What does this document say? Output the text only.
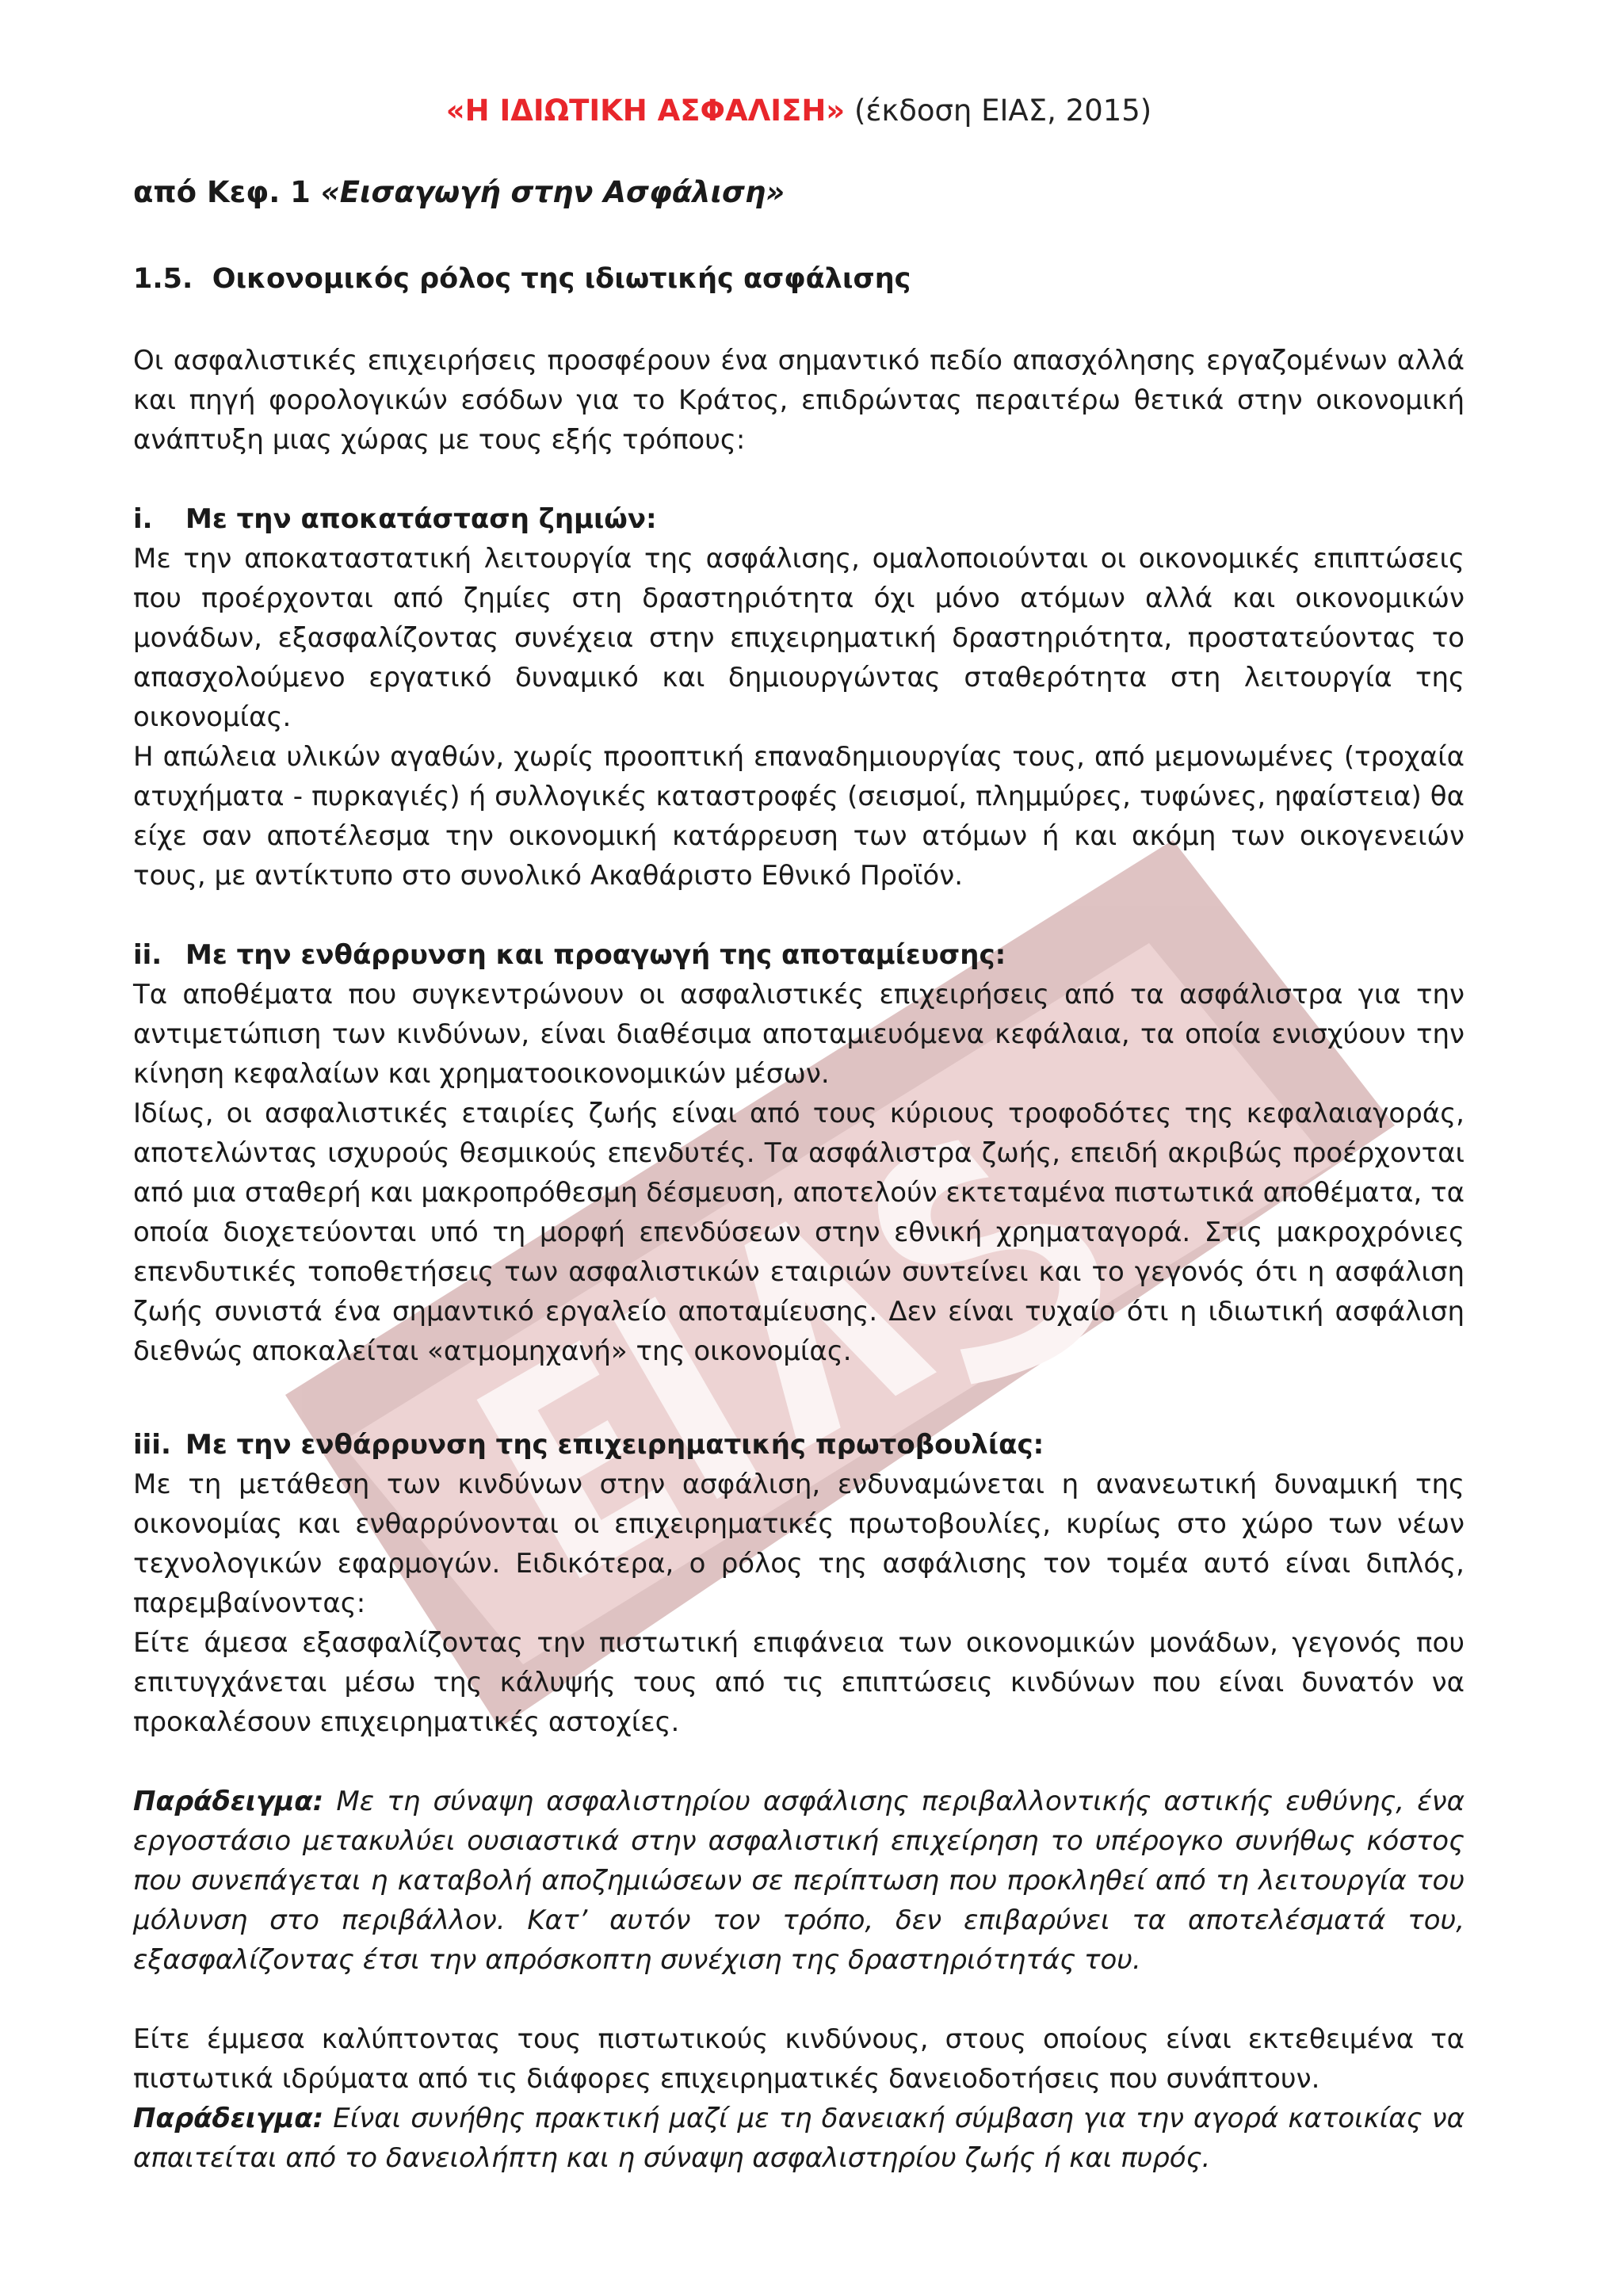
«Η ΙΔΙΩΤΙΚΗ ΑΣΦΑΛΙΣΗ» (έκδοση ΕΙΑΣ, 2015)
από Κεφ. 1 «Εισαγωγή στην Ασφάλιση»
1.5. Οικονομικός ρόλος της ιδιωτικής ασφάλισης

Οι ασφαλιστικές επιχειρήσεις προσφέρουν ένα σημαντικό πεδίο απασχόλησης εργαζομένων αλλά και πηγή φορολογικών εσόδων για το Κράτος, επιδρώντας περαιτέρω θετικά στην οικονομική ανάπτυξη μιας χώρας με τους εξής τρόπους:

i. Με την αποκατάσταση ζημιών:

Με την αποκαταστατική λειτουργία της ασφάλισης, ομαλοποιούνται οι οικονομικές επιπτώσεις που προέρχονται από ζημίες στη δραστηριότητα όχι μόνο ατόμων αλλά και οικονομικών μονάδων, εξασφαλίζοντας συνέχεια στην επιχειρηματική δραστηριότητα, προστατεύοντας το απασχολούμενο εργατικό δυναμικό και δημιουργώντας σταθερότητα στη λειτουργία της οικονομίας.

Η απώλεια υλικών αγαθών, χωρίς προοπτική επαναδημιουργίας τους, από μεμονωμένες (τροχαία ατυχήματα - πυρκαγιές) ή συλλογικές καταστροφές (σεισμοί, πλημμύρες, τυφώνες, ηφαίστεια) θα είχε σαν αποτέλεσμα την οικονομική κατάρρευση των ατόμων ή και ακόμη των οικογενειών τους, με αντίκτυπο στο συνολικό Ακαθάριστο Εθνικό Προϊόν.

ii. Με την ενθάρρυνση και προαγωγή της αποταμίευσης:

Τα αποθέματα που συγκεντρώνουν οι ασφαλιστικές επιχειρήσεις από τα ασφάλιστρα για την αντιμετώπιση των κινδύνων, είναι διαθέσιμα αποταμιευόμενα κεφάλαια, τα οποία ενισχύουν την κίνηση κεφαλαίων και χρηματοοικονομικών μέσων.

Ιδίως, οι ασφαλιστικές εταιρίες ζωής είναι από τους κύριους τροφοδότες της κεφαλαιαγοράς, αποτελώντας ισχυρούς θεσμικούς επενδυτές. Τα ασφάλιστρα ζωής, επειδή ακριβώς προέρχονται από μια σταθερή και μακροπρόθεσμη δέσμευση, αποτελούν εκτεταμένα πιστωτικά αποθέματα, τα οποία διοχετεύονται υπό τη μορφή επενδύσεων στην εθνική χρηματαγορά. Στις μακροχρόνιες επενδυτικές τοποθετήσεις των ασφαλιστικών εταιριών συντείνει και το γεγονός ότι η ασφάλιση ζωής συνιστά ένα σημαντικό εργαλείο αποταμίευσης. Δεν είναι τυχαίο ότι η ιδιωτική ασφάλιση διεθνώς αποκαλείται «ατμομηχανή» της οικονομίας.

iii. Με την ενθάρρυνση της επιχειρηματικής πρωτοβουλίας:

Με τη μετάθεση των κινδύνων στην ασφάλιση, ενδυναμώνεται η ανανεωτική δυναμική της οικονομίας και ενθαρρύνονται οι επιχειρηματικές πρωτοβουλίες, κυρίως στο χώρο των νέων τεχνολογικών εφαρμογών. Ειδικότερα, ο ρόλος της ασφάλισης τον τομέα αυτό είναι διπλός, παρεμβαίνοντας:

Είτε άμεσα εξασφαλίζοντας την πιστωτική επιφάνεια των οικονομικών μονάδων, γεγονός που επιτυγχάνεται μέσω της κάλυψής τους από τις επιπτώσεις κινδύνων που είναι δυνατόν να προκαλέσουν επιχειρηματικές αστοχίες.

Παράδειγμα: Με τη σύναψη ασφαλιστηρίου ασφάλισης περιβαλλοντικής αστικής ευθύνης, ένα εργοστάσιο μετακυλύει ουσιαστικά στην ασφαλιστική επιχείρηση το υπέρογκο συνήθως κόστος που συνεπάγεται η καταβολή αποζημιώσεων σε περίπτωση που προκληθεί από τη λειτουργία του μόλυνση στο περιβάλλον. Κατ’ αυτόν τον τρόπο, δεν επιβαρύνει τα αποτελέσματά του, εξασφαλίζοντας έτσι την απρόσκοπτη συνέχιση της δραστηριότητάς του.

Είτε έμμεσα καλύπτοντας τους πιστωτικούς κινδύνους, στους οποίους είναι εκτεθειμένα τα πιστωτικά ιδρύματα από τις διάφορες επιχειρηματικές δανειοδοτήσεις που συνάπτουν.

Παράδειγμα: Είναι συνήθης πρακτική μαζί με τη δανειακή σύμβαση για την αγορά κατοικίας να απαιτείται από το δανειολήπτη και η σύναψη ασφαλιστηρίου ζωής ή και πυρός.
